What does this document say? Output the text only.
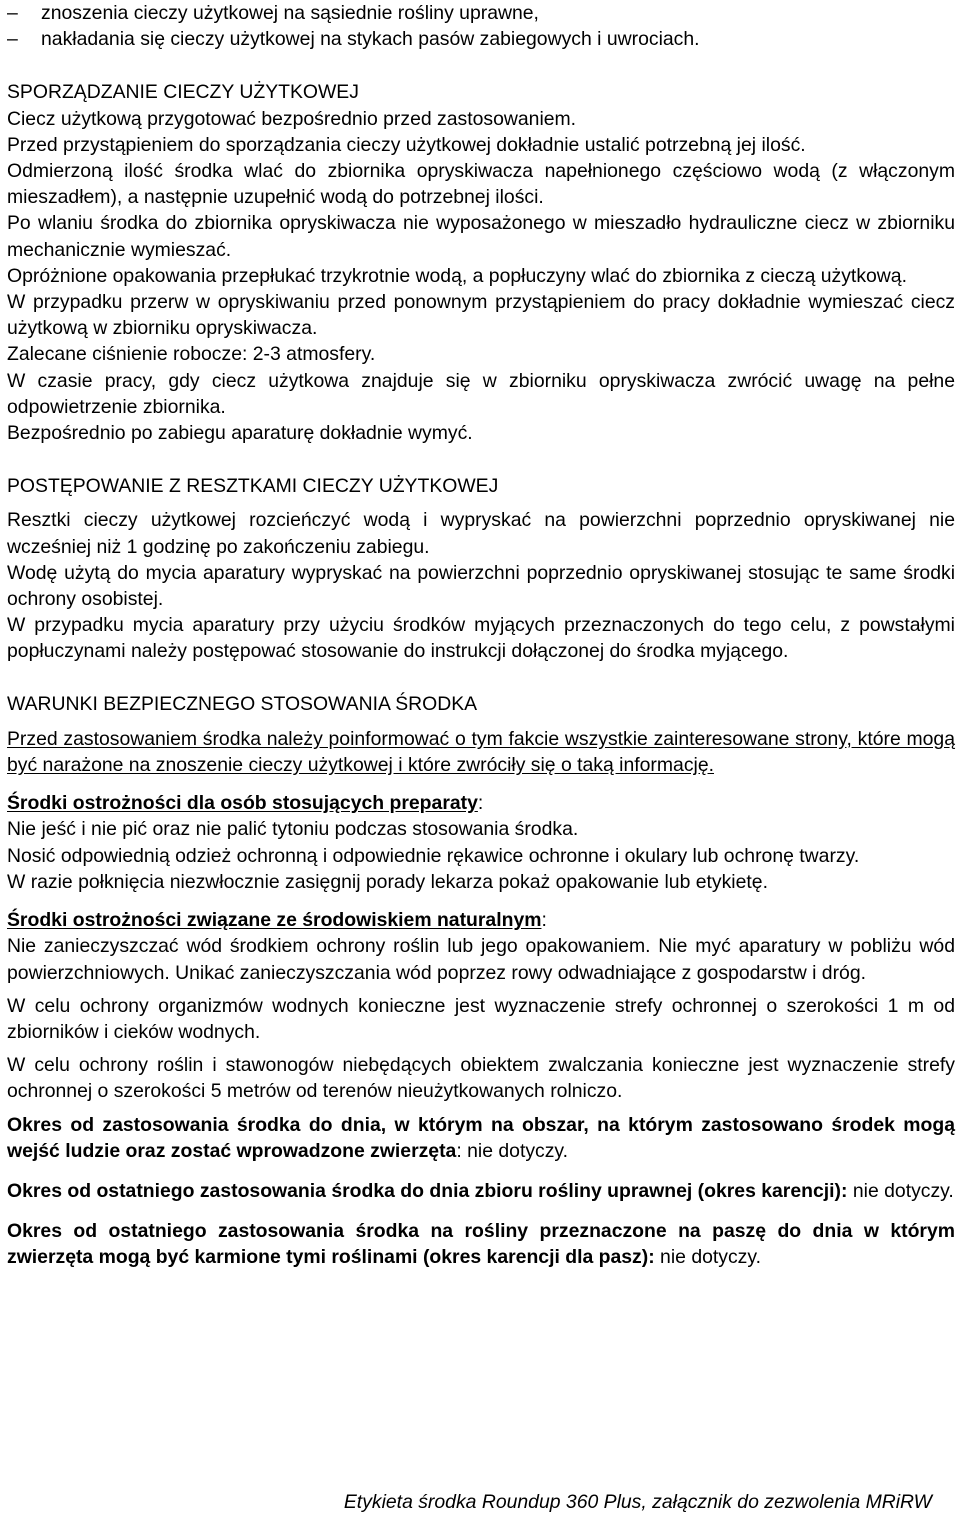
– znoszenia cieczy użytkowej na sąsiednie rośliny uprawne,

– nakładania się cieczy użytkowej na stykach pasów zabiegowych i uwrociach.

SPORZĄDZANIE CIECZY UŻYTKOWEJ

Ciecz użytkową przygotować bezpośrednio przed zastosowaniem.

Przed przystąpieniem do sporządzania cieczy użytkowej dokładnie ustalić potrzebną jej ilość.

Odmierzoną ilość środka wlać do zbiornika opryskiwacza napełnionego częściowo wodą (z włączonym mieszadłem), a następnie uzupełnić wodą do potrzebnej ilości.

Po wlaniu środka do zbiornika opryskiwacza nie wyposażonego w mieszadło hydrauliczne ciecz w zbiorniku mechanicznie wymieszać.

Opróżnione opakowania przepłukać trzykrotnie wodą, a popłuczyny wlać do zbiornika z cieczą użytkową.

W przypadku przerw w opryskiwaniu przed ponownym przystąpieniem do pracy dokładnie wymieszać ciecz użytkową w zbiorniku opryskiwacza.

Zalecane ciśnienie robocze: 2-3 atmosfery.

W czasie pracy, gdy ciecz użytkowa znajduje się w zbiorniku opryskiwacza zwrócić uwagę na pełne odpowietrzenie zbiornika.

Bezpośrednio po zabiegu aparaturę dokładnie wymyć.

POSTĘPOWANIE Z RESZTKAMI CIECZY UŻYTKOWEJ

Resztki cieczy użytkowej rozcieńczyć wodą i wypryskać na powierzchni poprzednio opryskiwanej nie wcześniej niż 1 godzinę po zakończeniu zabiegu.

Wodę użytą do mycia aparatury wypryskać na powierzchni poprzednio opryskiwanej stosując te same środki ochrony osobistej.

W przypadku mycia aparatury przy użyciu środków myjących przeznaczonych do tego celu, z powstałymi popłuczynami należy postępować stosowanie do instrukcji dołączonej do środka myjącego.

WARUNKI BEZPIECZNEGO STOSOWANIA ŚRODKA

Przed zastosowaniem środka należy poinformować o tym fakcie wszystkie zainteresowane strony, które mogą być narażone na znoszenie cieczy użytkowej i które zwróciły się o taką informację.

Środki ostrożności dla osób stosujących preparaty:

Nie jeść i nie pić oraz nie palić tytoniu podczas stosowania środka.

Nosić odpowiednią odzież ochronną i odpowiednie rękawice ochronne i okulary lub ochronę twarzy.

W razie połknięcia niezwłocznie zasięgnij porady lekarza pokaż opakowanie lub etykietę.

Środki ostrożności związane ze środowiskiem naturalnym:

Nie zanieczyszczać wód środkiem ochrony roślin lub jego opakowaniem. Nie myć aparatury w pobliżu wód powierzchniowych. Unikać zanieczyszczania wód poprzez rowy odwadniające z gospodarstw i dróg.

W celu ochrony organizmów wodnych konieczne jest wyznaczenie strefy ochronnej o szerokości 1 m od zbiorników i cieków wodnych.

W celu ochrony roślin i stawonogów niebędących obiektem zwalczania konieczne jest wyznaczenie strefy ochronnej o szerokości 5 metrów od terenów nieużytkowanych rolniczo.

Okres od zastosowania środka do dnia, w którym na obszar, na którym zastosowano środek mogą wejść ludzie oraz zostać wprowadzone zwierzęta: nie dotyczy.

Okres od ostatniego zastosowania środka do dnia zbioru rośliny uprawnej (okres karencji): nie dotyczy.

Okres od ostatniego zastosowania środka na rośliny przeznaczone na paszę do dnia w którym zwierzęta mogą być karmione tymi roślinami (okres karencji dla pasz): nie dotyczy.

Etykieta środka Roundup 360 Plus, załącznik do zezwolenia MRiRW
